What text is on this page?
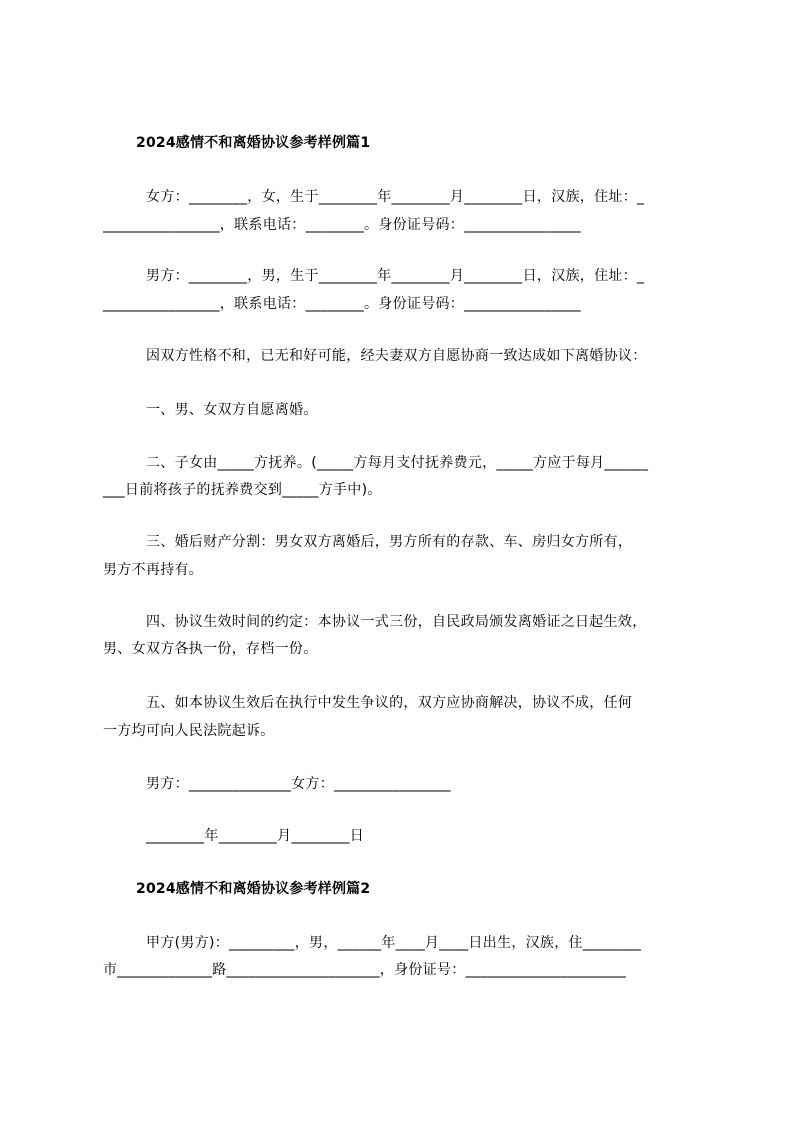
2024感情不和离婚协议参考样例篇1
女方：________，女，生于________年________月________日，汉族，住址：_
________________，联系电话：________。身份证号码：________________
男方：________，男，生于________年________月________日，汉族，住址：_
________________，联系电话：________。身份证号码：________________
因双方性格不和，已无和好可能，经夫妻双方自愿协商一致达成如下离婚协议：
一、男、女双方自愿离婚。
二、子女由_____方抚养。(_____方每月支付抚养费元，_____方应于每月______
___日前将孩子的抚养费交到_____方手中)。
三、婚后财产分割：男女双方离婚后，男方所有的存款、车、房归女方所有，
男方不再持有。
四、协议生效时间的约定：本协议一式三份，自民政局颁发离婚证之日起生效，
男、女双方各执一份，存档一份。
五、如本协议生效后在执行中发生争议的，双方应协商解决，协议不成，任何
一方均可向人民法院起诉。
男方：______________女方：________________
________年________月________日
2024感情不和离婚协议参考样例篇2
甲方(男方)：_________，男，______年____月____日出生，汉族，住________
市_____________路_____________________，身份证号：______________________
